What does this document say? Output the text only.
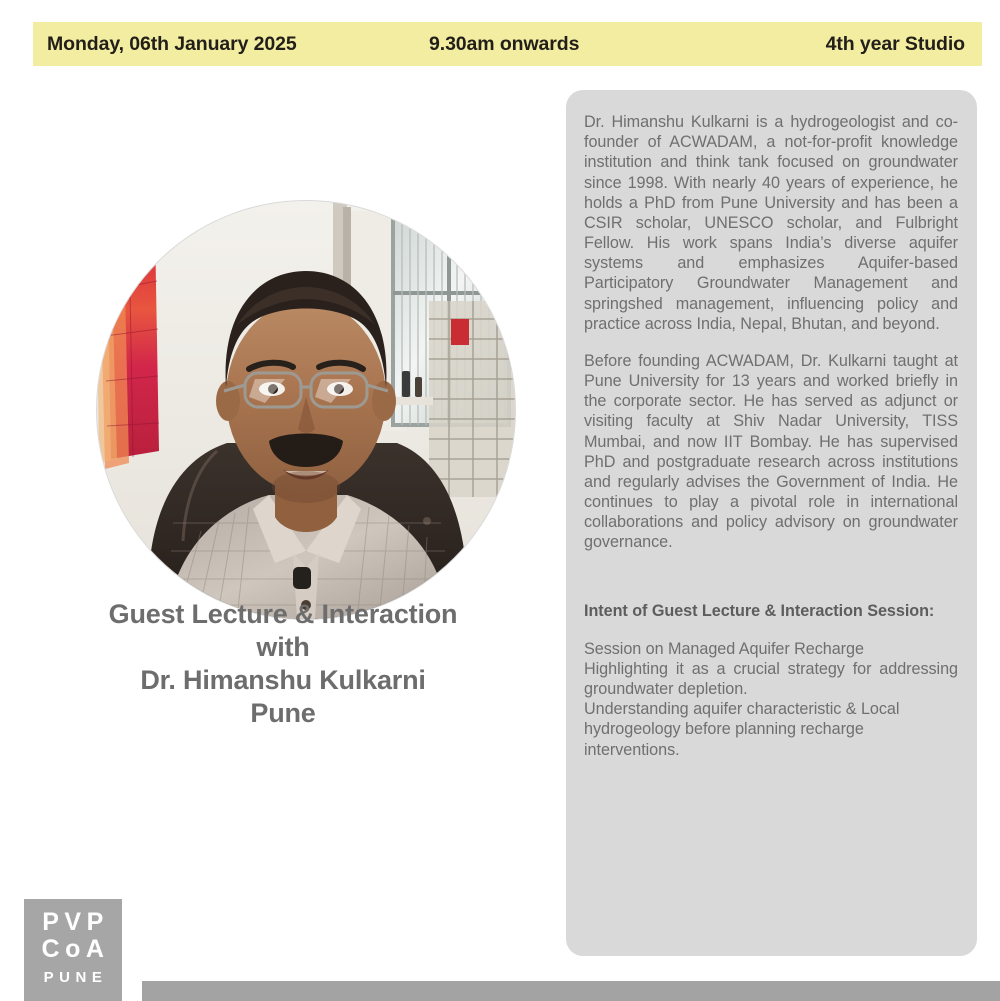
Monday, 06th January 2025	9.30am onwards	4th year Studio
Guest Lecture & Interaction
with
Dr. Himanshu Kulkarni
Pune
PVP
CoA
PUNE

Dr. Himanshu Kulkarni is a hydrogeologist and co-founder of ACWADAM, a not-for-profit knowledge institution and think tank focused on groundwater since 1998. With nearly 40 years of experience, he holds a PhD from Pune University and has been a CSIR scholar, UNESCO scholar, and Fulbright Fellow. His work spans India’s diverse aquifer systems and emphasizes Aquifer-based Participatory Groundwater Management and springshed management, influencing policy and practice across India, Nepal, Bhutan, and beyond.

Before founding ACWADAM, Dr. Kulkarni taught at Pune University for 13 years and worked briefly in the corporate sector. He has served as adjunct or visiting faculty at Shiv Nadar University, TISS Mumbai, and now IIT Bombay. He has supervised PhD and postgraduate research across institutions and regularly advises the Government of India. He continues to play a pivotal role in international collaborations and policy advisory on groundwater governance.

Intent of Guest Lecture & Interaction Session:

Session on Managed Aquifer Recharge
Highlighting it as a crucial strategy for addressing groundwater depletion.
Understanding aquifer characteristic & Local hydrogeology before planning recharge interventions.
